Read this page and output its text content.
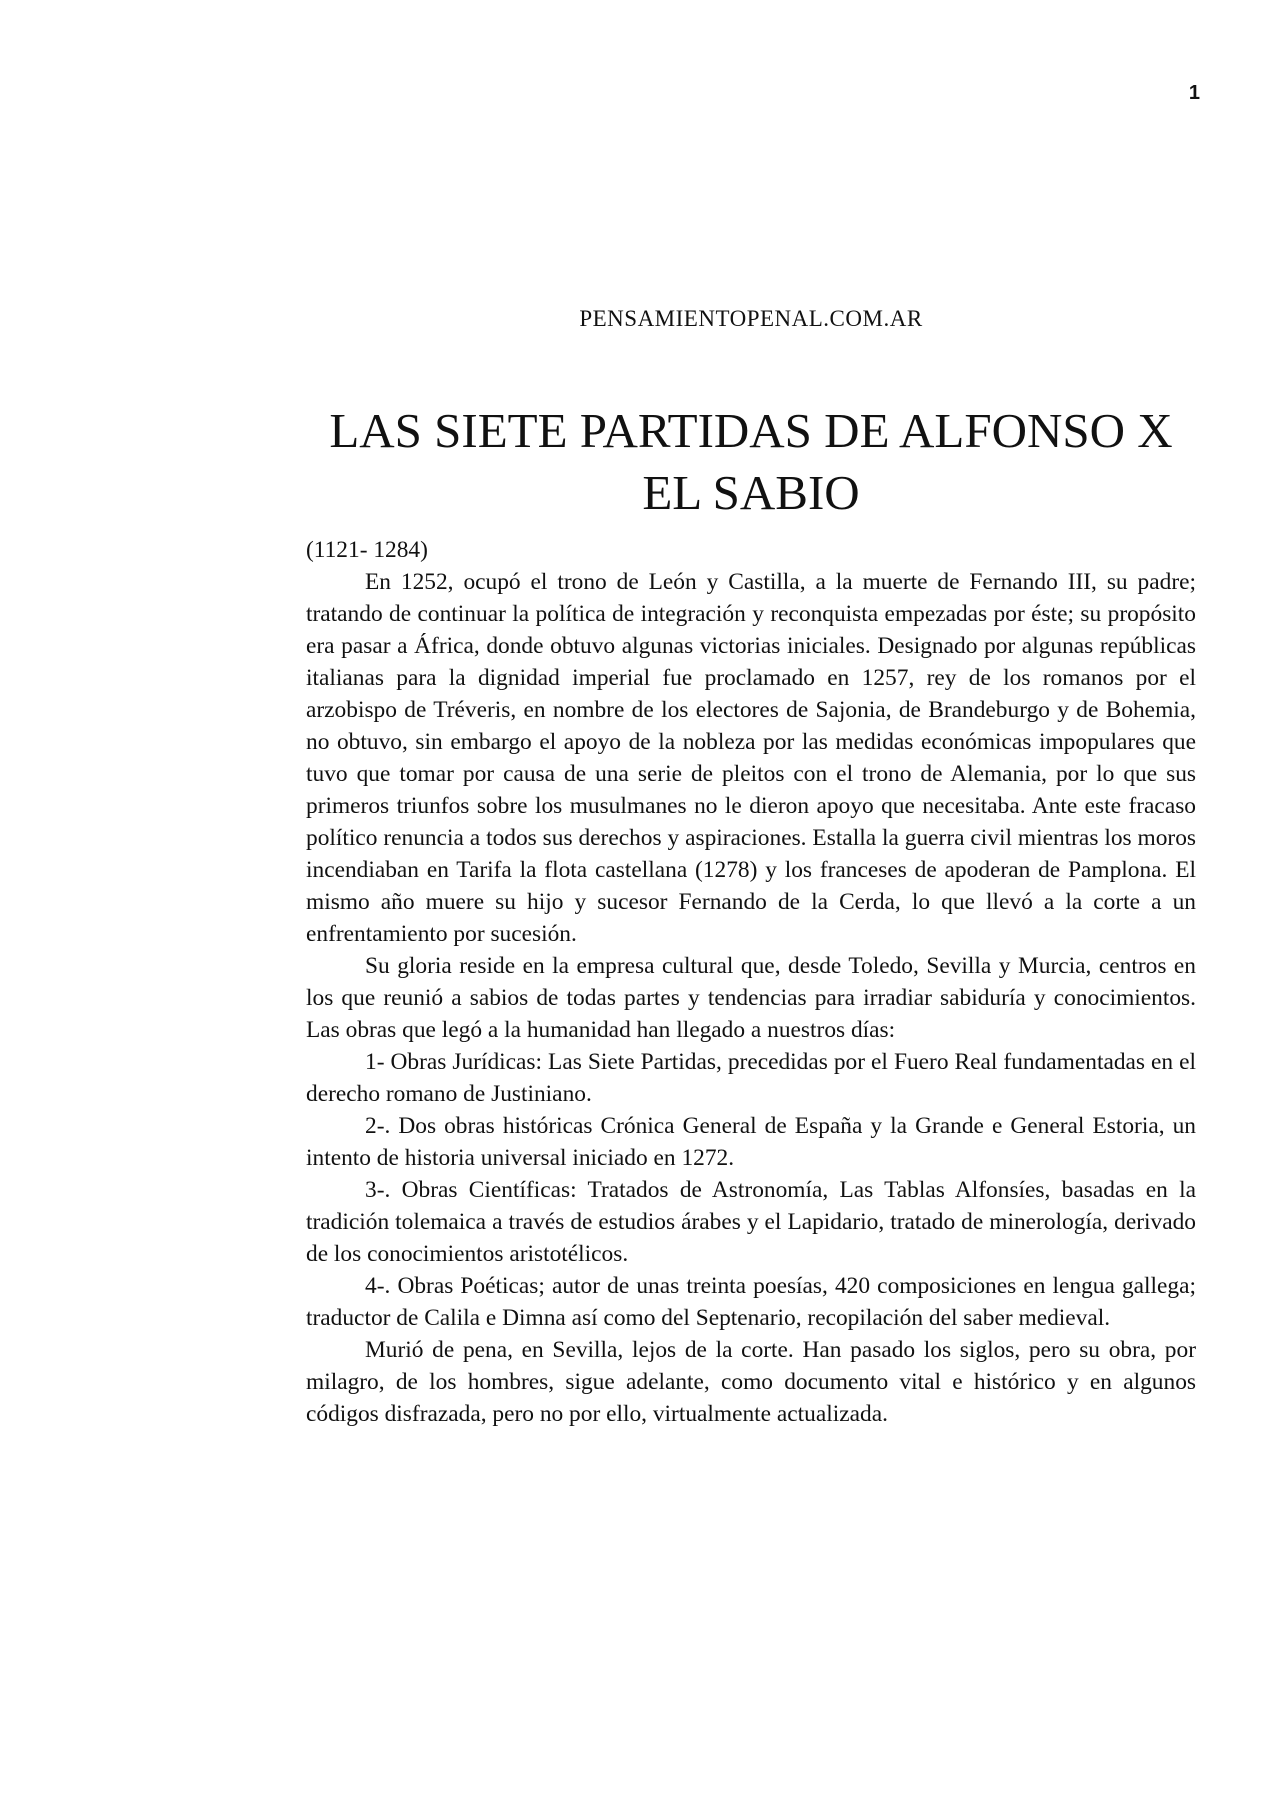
1
PENSAMIENTOPENAL.COM.AR
LAS SIETE PARTIDAS DE ALFONSO X EL SABIO

(1121- 1284)

En 1252, ocupó el trono de León y Castilla, a la muerte de Fernando III, su padre; tratando de continuar la política de integración y reconquista empezadas por éste; su propósito era pasar a África, donde obtuvo algunas victorias iniciales. Designado por algunas repúblicas italianas para la dignidad imperial fue proclamado en 1257, rey de los romanos por el arzobispo de Tréveris, en nombre de los electores de Sajonia, de Brandeburgo y de Bohemia, no obtuvo, sin embargo el apoyo de la nobleza por las medidas económicas impopulares que tuvo que tomar por causa de una serie de pleitos con el trono de Alemania, por lo que sus primeros triunfos sobre los musulmanes no le dieron apoyo que necesitaba. Ante este fracaso político renuncia a todos sus derechos y aspiraciones. Estalla la guerra civil mientras los moros incendiaban en Tarifa la flota castellana (1278) y los franceses de apoderan de Pamplona. El mismo año muere su hijo y sucesor Fernando de la Cerda, lo que llevó a la corte a un enfrentamiento por sucesión.

Su gloria reside en la empresa cultural que, desde Toledo, Sevilla y Murcia, centros en los que reunió a sabios de todas partes y tendencias para irradiar sabiduría y conocimientos. Las obras que legó a la humanidad han llegado a nuestros días:

1- Obras Jurídicas: Las Siete Partidas, precedidas por el Fuero Real fundamentadas en el derecho romano de Justiniano.

2-. Dos obras históricas Crónica General de España y la Grande e General Estoria, un intento de historia universal iniciado en 1272.

3-. Obras Científicas: Tratados de Astronomía, Las Tablas Alfonsíes, basadas en la tradición tolemaica a través de estudios árabes y el Lapidario, tratado de minerología, derivado de los conocimientos aristotélicos.

4-. Obras Poéticas; autor de unas treinta poesías, 420 composiciones en lengua gallega; traductor de Calila e Dimna así como del Septenario, recopilación del saber medieval.

Murió de pena, en Sevilla, lejos de la corte. Han pasado los siglos, pero su obra, por milagro, de los hombres, sigue adelante, como documento vital e histórico y en algunos códigos disfrazada, pero no por ello, virtualmente actualizada.
